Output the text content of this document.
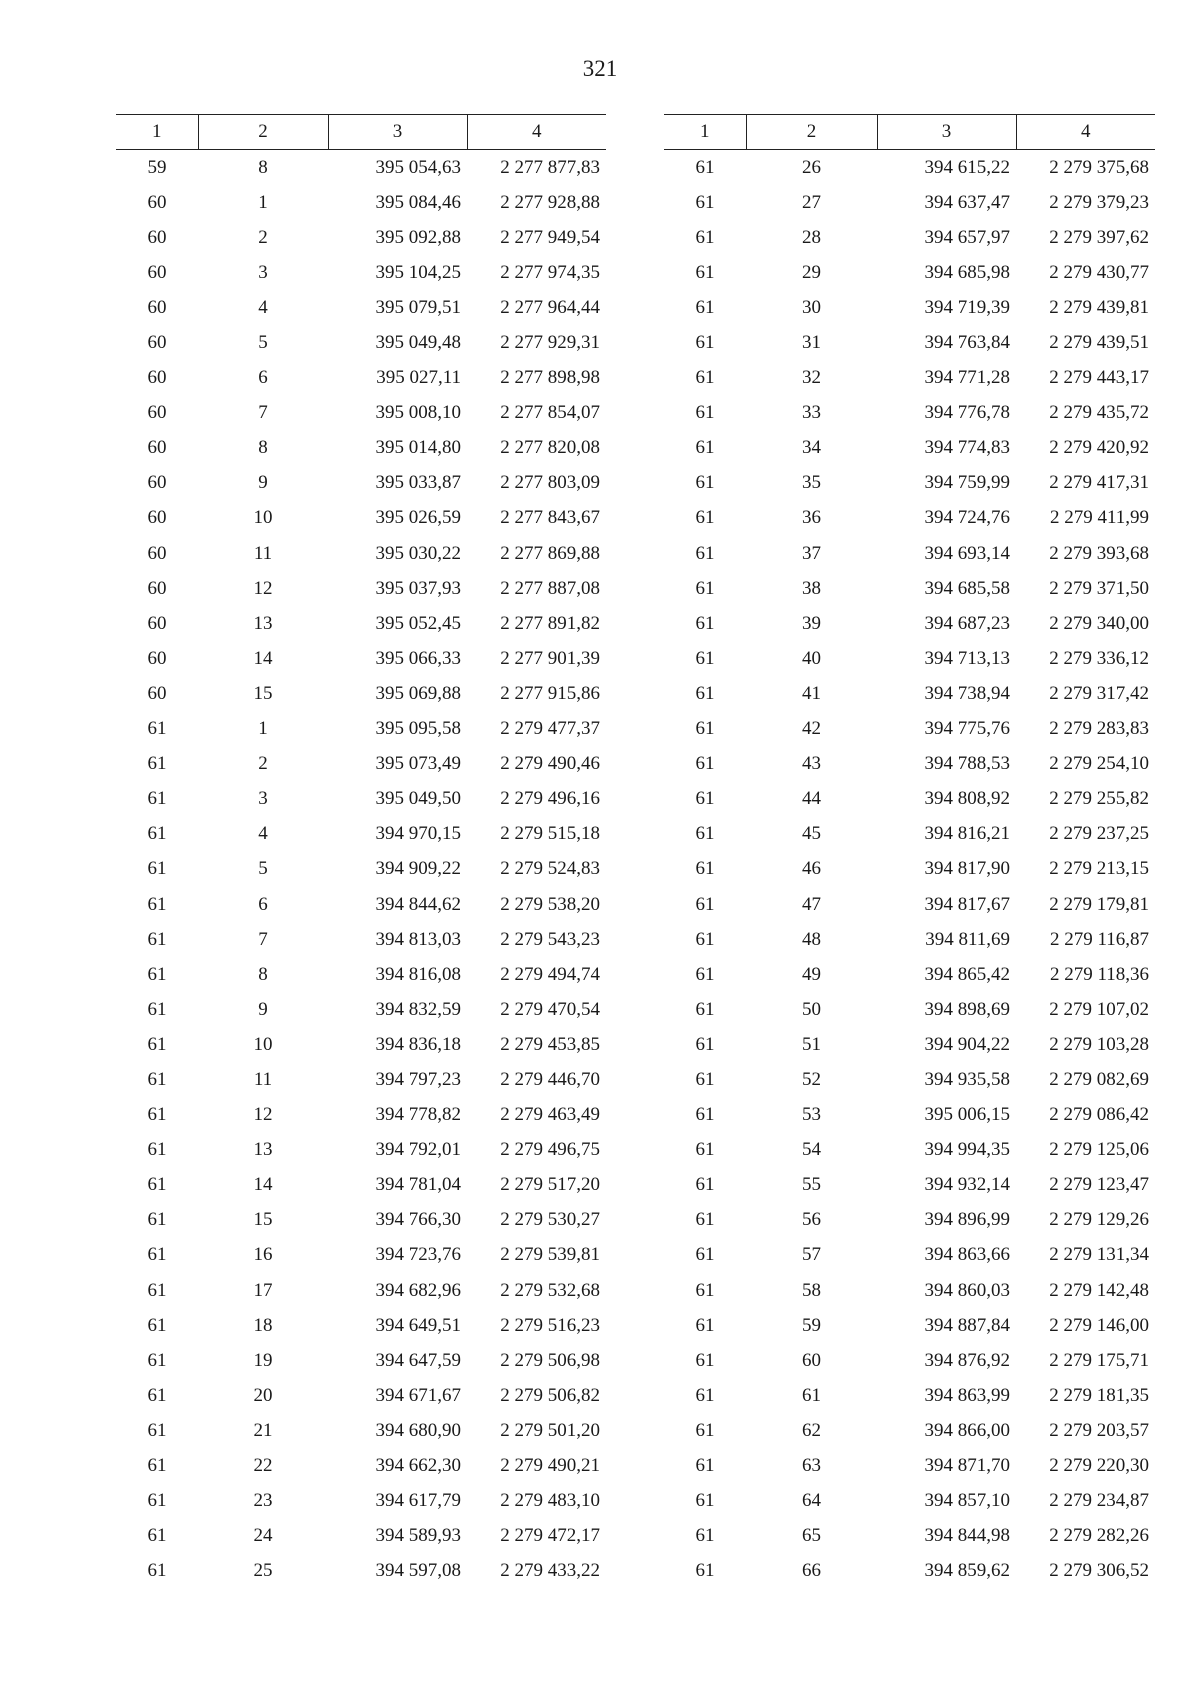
321
1	2	3	4
59	8	395 054,63	2 277 877,83
60	1	395 084,46	2 277 928,88
60	2	395 092,88	2 277 949,54
60	3	395 104,25	2 277 974,35
60	4	395 079,51	2 277 964,44
60	5	395 049,48	2 277 929,31
60	6	395 027,11	2 277 898,98
60	7	395 008,10	2 277 854,07
60	8	395 014,80	2 277 820,08
60	9	395 033,87	2 277 803,09
60	10	395 026,59	2 277 843,67
60	11	395 030,22	2 277 869,88
60	12	395 037,93	2 277 887,08
60	13	395 052,45	2 277 891,82
60	14	395 066,33	2 277 901,39
60	15	395 069,88	2 277 915,86
61	1	395 095,58	2 279 477,37
61	2	395 073,49	2 279 490,46
61	3	395 049,50	2 279 496,16
61	4	394 970,15	2 279 515,18
61	5	394 909,22	2 279 524,83
61	6	394 844,62	2 279 538,20
61	7	394 813,03	2 279 543,23
61	8	394 816,08	2 279 494,74
61	9	394 832,59	2 279 470,54
61	10	394 836,18	2 279 453,85
61	11	394 797,23	2 279 446,70
61	12	394 778,82	2 279 463,49
61	13	394 792,01	2 279 496,75
61	14	394 781,04	2 279 517,20
61	15	394 766,30	2 279 530,27
61	16	394 723,76	2 279 539,81
61	17	394 682,96	2 279 532,68
61	18	394 649,51	2 279 516,23
61	19	394 647,59	2 279 506,98
61	20	394 671,67	2 279 506,82
61	21	394 680,90	2 279 501,20
61	22	394 662,30	2 279 490,21
61	23	394 617,79	2 279 483,10
61	24	394 589,93	2 279 472,17
61	25	394 597,08	2 279 433,22
1	2	3	4
61	26	394 615,22	2 279 375,68
61	27	394 637,47	2 279 379,23
61	28	394 657,97	2 279 397,62
61	29	394 685,98	2 279 430,77
61	30	394 719,39	2 279 439,81
61	31	394 763,84	2 279 439,51
61	32	394 771,28	2 279 443,17
61	33	394 776,78	2 279 435,72
61	34	394 774,83	2 279 420,92
61	35	394 759,99	2 279 417,31
61	36	394 724,76	2 279 411,99
61	37	394 693,14	2 279 393,68
61	38	394 685,58	2 279 371,50
61	39	394 687,23	2 279 340,00
61	40	394 713,13	2 279 336,12
61	41	394 738,94	2 279 317,42
61	42	394 775,76	2 279 283,83
61	43	394 788,53	2 279 254,10
61	44	394 808,92	2 279 255,82
61	45	394 816,21	2 279 237,25
61	46	394 817,90	2 279 213,15
61	47	394 817,67	2 279 179,81
61	48	394 811,69	2 279 116,87
61	49	394 865,42	2 279 118,36
61	50	394 898,69	2 279 107,02
61	51	394 904,22	2 279 103,28
61	52	394 935,58	2 279 082,69
61	53	395 006,15	2 279 086,42
61	54	394 994,35	2 279 125,06
61	55	394 932,14	2 279 123,47
61	56	394 896,99	2 279 129,26
61	57	394 863,66	2 279 131,34
61	58	394 860,03	2 279 142,48
61	59	394 887,84	2 279 146,00
61	60	394 876,92	2 279 175,71
61	61	394 863,99	2 279 181,35
61	62	394 866,00	2 279 203,57
61	63	394 871,70	2 279 220,30
61	64	394 857,10	2 279 234,87
61	65	394 844,98	2 279 282,26
61	66	394 859,62	2 279 306,52
